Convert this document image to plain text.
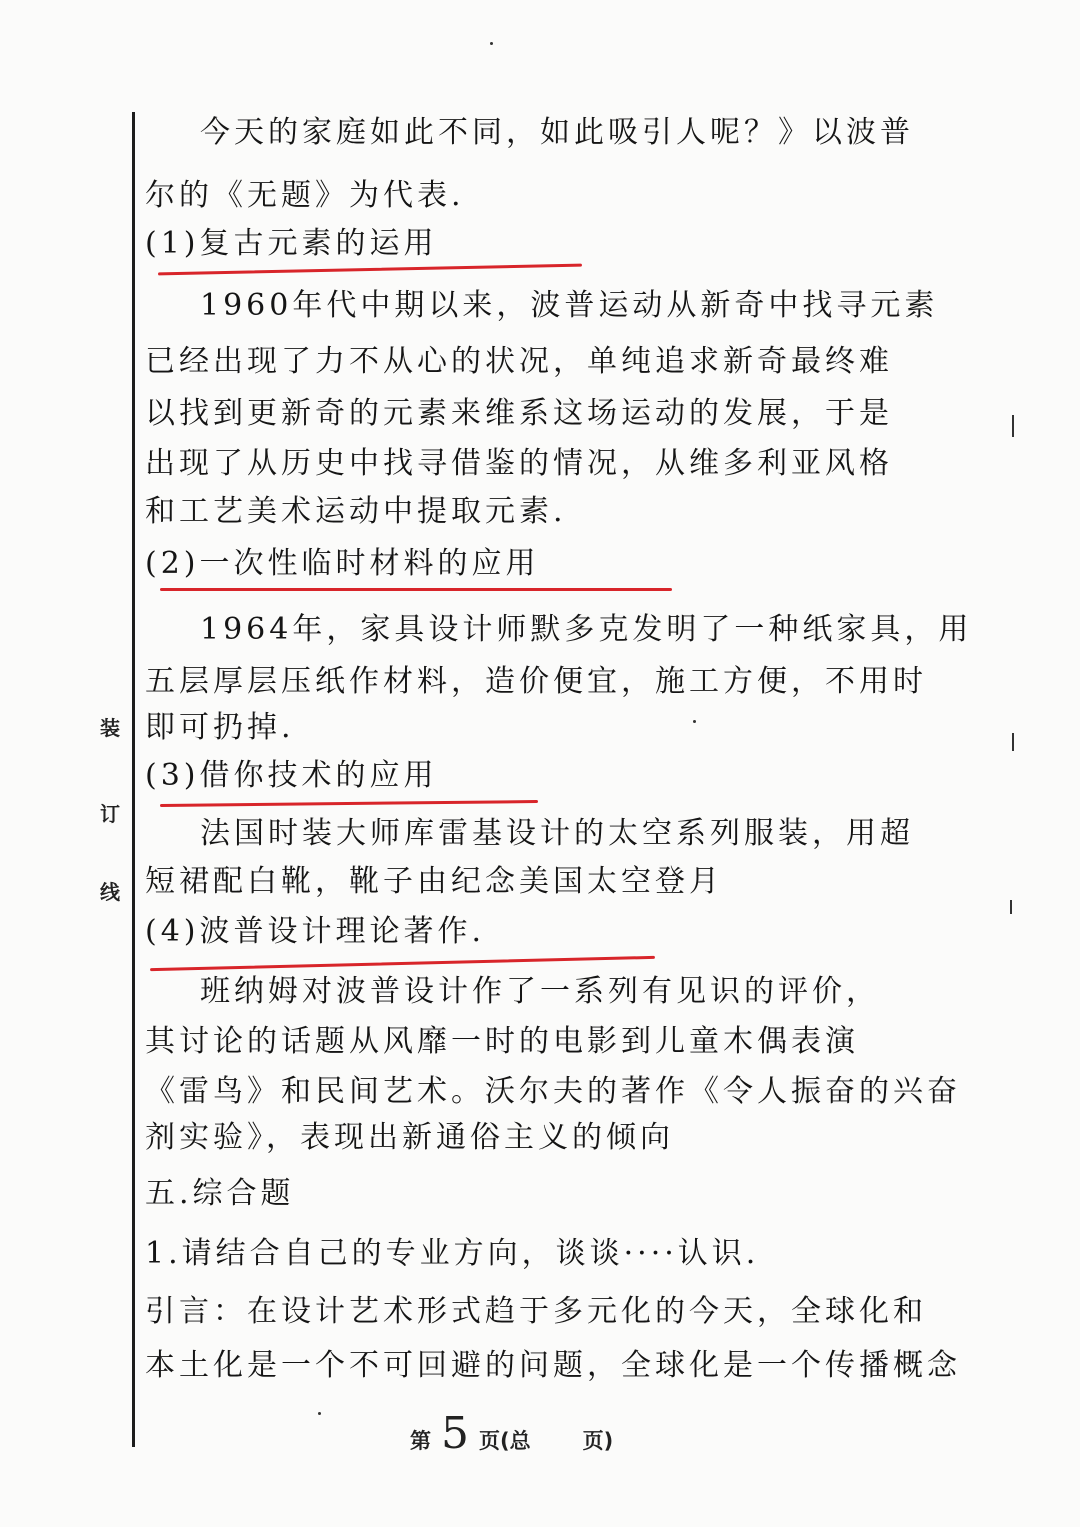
装
订
线
今天的家庭如此不同，如此吸引人呢？》以波普
尔的《无题》为代表.
(1)复古元素的运用
1960年代中期以来，波普运动从新奇中找寻元素
已经出现了力不从心的状况，单纯追求新奇最终难
以找到更新奇的元素来维系这场运动的发展，于是
出现了从历史中找寻借鉴的情况，从维多利亚风格
和工艺美术运动中提取元素.
(2)一次性临时材料的应用
1964年，家具设计师默多克发明了一种纸家具，用
五层厚层压纸作材料，造价便宜，施工方便，不用时
即可扔掉.
(3)借你技术的应用
法国时装大师库雷基设计的太空系列服装，用超
短裙配白靴，靴子由纪念美国太空登月
(4)波普设计理论著作.
班纳姆对波普设计作了一系列有见识的评价，
其讨论的话题从风靡一时的电影到儿童木偶表演
《雷鸟》和民间艺术。沃尔夫的著作《令人振奋的兴奋
剂实验》，表现出新通俗主义的倾向
五.综合题
1.请结合自己的专业方向，谈谈····认识.
引言：在设计艺术形式趋于多元化的今天，全球化和
本土化是一个不可回避的问题，全球化是一个传播概念
第 5 页(总 页)
